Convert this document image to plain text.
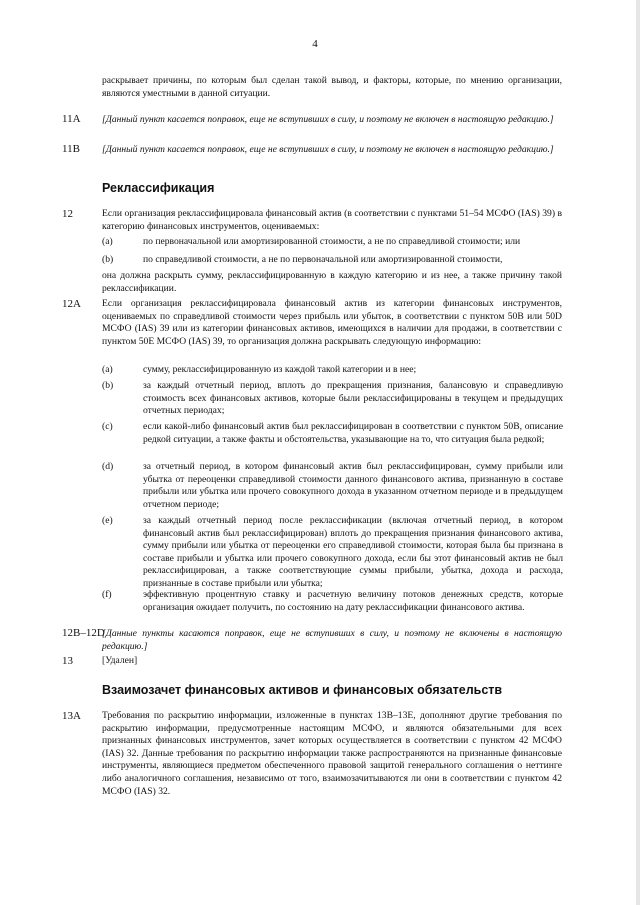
4
раскрывает причины, по которым был сделан такой вывод, и факторы, которые, по мнению организации, являются уместными в данной ситуации.
11A [Данный пункт касается поправок, еще не вступивших в силу, и поэтому не включен в настоящую редакцию.]
11B [Данный пункт касается поправок, еще не вступивших в силу, и поэтому не включен в настоящую редакцию.]
Реклассификация
12	Если организация реклассифицировала финансовый актив (в соответствии с пунктами 51–54 МСФО (IAS) 39) в категорию финансовых инструментов, оцениваемых:
(a)	по первоначальной или амортизированной стоимости, а не по справедливой стоимости; или
(b)	по справедливой стоимости, а не по первоначальной или амортизированной стоимости,
она должна раскрыть сумму, реклассифицированную в каждую категорию и из нее, а также причину такой реклассификации.
12A Если организация реклассифицировала финансовый актив из категории финансовых инструментов, оцениваемых по справедливой стоимости через прибыль или убыток, в соответствии с пунктом 50B или 50D МСФО (IAS) 39 или из категории финансовых активов, имеющихся в наличии для продажи, в соответствии с пунктом 50E МСФО (IAS) 39, то организация должна раскрывать следующую информацию:
(a)	сумму, реклассифицированную из каждой такой категории и в нее;
(b)	за каждый отчетный период, вплоть до прекращения признания, балансовую и справедливую стоимость всех финансовых активов, которые были реклассифицированы в текущем и предыдущих отчетных периодах;
(c)	если какой-либо финансовый актив был реклассифицирован в соответствии с пунктом 50B, описание редкой ситуации, а также факты и обстоятельства, указывающие на то, что ситуация была редкой;
(d)	за отчетный период, в котором финансовый актив был реклассифицирован, сумму прибыли или убытка от переоценки справедливой стоимости данного финансового актива, признанную в составе прибыли или убытка или прочего совокупного дохода в указанном отчетном периоде и в предыдущем отчетном периоде;
(e)	за каждый отчетный период после реклассификации (включая отчетный период, в котором финансовый актив был реклассифицирован) вплоть до прекращения признания финансового актива, сумму прибыли или убытка от переоценки его справедливой стоимости, которая была бы признана в составе прибыли и убытка или прочего совокупного дохода, если бы этот финансовый актив не был реклассифицирован, а также соответствующие суммы прибыли, убытка, дохода и расхода, признанные в составе прибыли или убытка;
(f)	эффективную процентную ставку и расчетную величину потоков денежных средств, которые организация ожидает получить, по состоянию на дату реклассификации финансового актива.
12B–12D
[Данные пункты касаются поправок, еще не вступивших в силу, и поэтому не включены в настоящую редакцию.]
13	[Удален]
Взаимозачет финансовых активов и финансовых обязательств
13A Требования по раскрытию информации, изложенные в пунктах 13B–13E, дополняют другие требования по раскрытию информации, предусмотренные настоящим МСФО, и являются обязательными для всех признанных финансовых инструментов, зачет которых осуществляется в соответствии с пунктом 42 МСФО (IAS) 32. Данные требования по раскрытию информации также распространяются на признанные финансовые инструменты, являющиеся предметом обеспеченного правовой защитой генерального соглашения о неттинге либо аналогичного соглашения, независимо от того, взаимозачитываются ли они в соответствии с пунктом 42 МСФО (IAS) 32.
